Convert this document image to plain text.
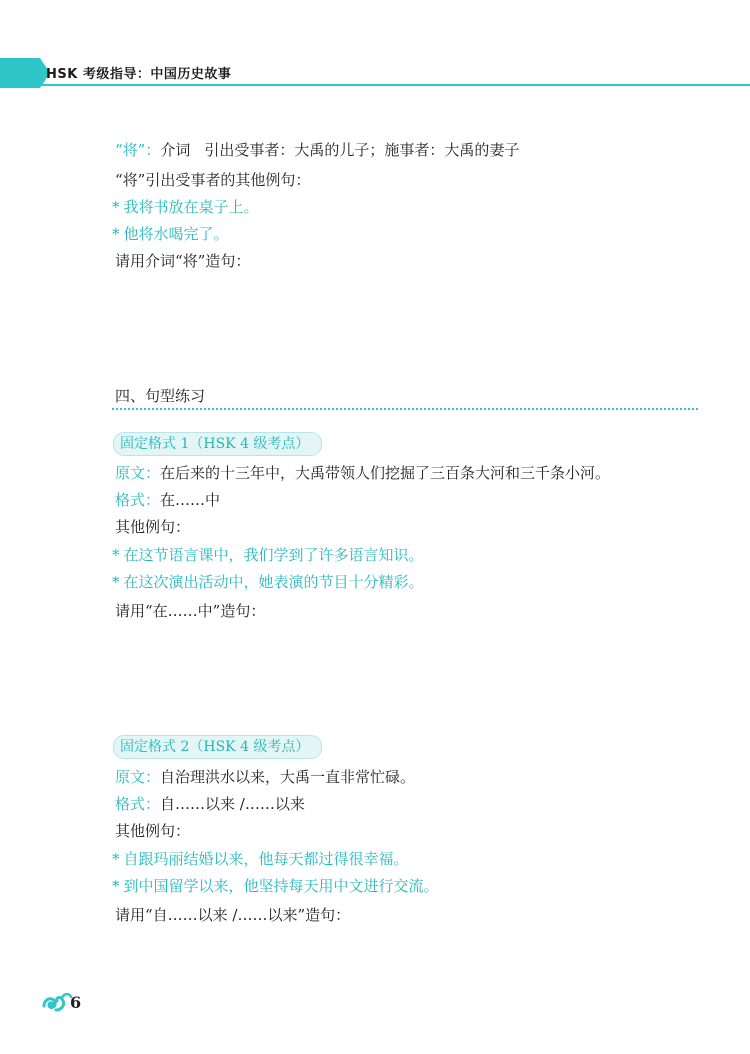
HSK 考级指导：中国历史故事
“将”：介词 引出受事者：大禹的儿子；施事者：大禹的妻子
“将”引出受事者的其他例句：
* 我将书放在桌子上。
* 他将水喝完了。
请用介词“将”造句：
四、句型练习
固定格式 1（HSK 4 级考点）
原文：在后来的十三年中，大禹带领人们挖掘了三百条大河和三千条小河。
格式：在……中
其他例句：
* 在这节语言课中，我们学到了许多语言知识。
* 在这次演出活动中，她表演的节目十分精彩。
请用“在……中”造句：
固定格式 2（HSK 4 级考点）
原文：自治理洪水以来，大禹一直非常忙碌。
格式：自……以来 /……以来
其他例句：
* 自跟玛丽结婚以来，他每天都过得很幸福。
* 到中国留学以来，他坚持每天用中文进行交流。
请用“自……以来 /……以来”造句：
6
